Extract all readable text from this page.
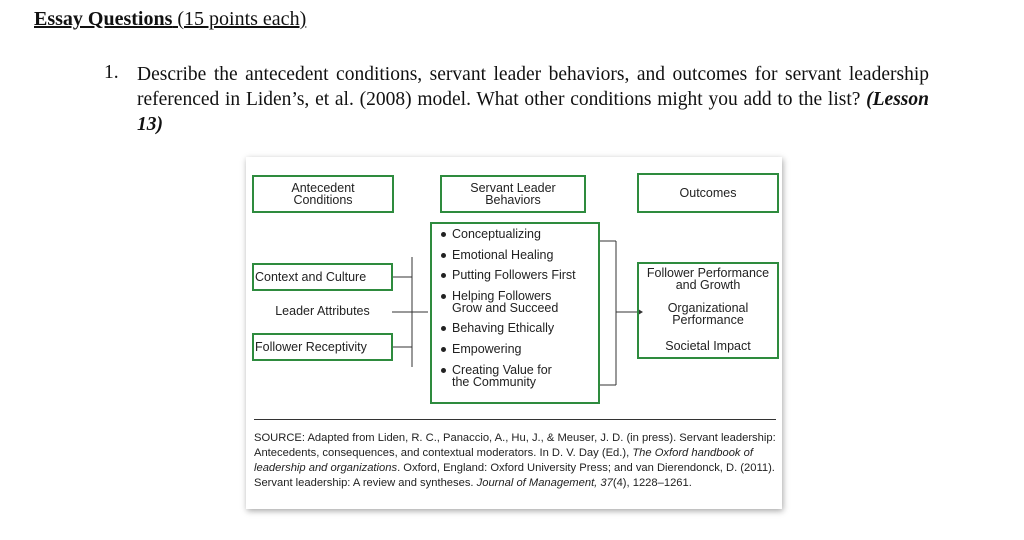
Essay Questions (15 points each)
1. Describe the antecedent conditions, servant leader behaviors, and outcomes for servant leadership referenced in Liden’s, et al. (2008) model. What other conditions might you add to the list? (Lesson 13)
Antecedent
Conditions
Servant Leader
Behaviors	Outcomes
Context and Culture
Leader Attributes
Follower Receptivity
Conceptualizing
Emotional Healing
Putting Followers First
Helping Followers
Grow and Succeed
Behaving Ethically
Empowering
Creating Value for
the Community
Follower Performance
and Growth
Organizational
Performance
Societal Impact
SOURCE: Adapted from Liden, R. C., Panaccio, A., Hu, J., & Meuser, J. D. (in press). Servant leadership: Antecedents, consequences, and contextual moderators. In D. V. Day (Ed.), The Oxford handbook of leadership and organizations. Oxford, England: Oxford University Press; and van Dierendonck, D. (2011). Servant leadership: A review and syntheses. Journal of Management, 37(4), 1228–1261.
